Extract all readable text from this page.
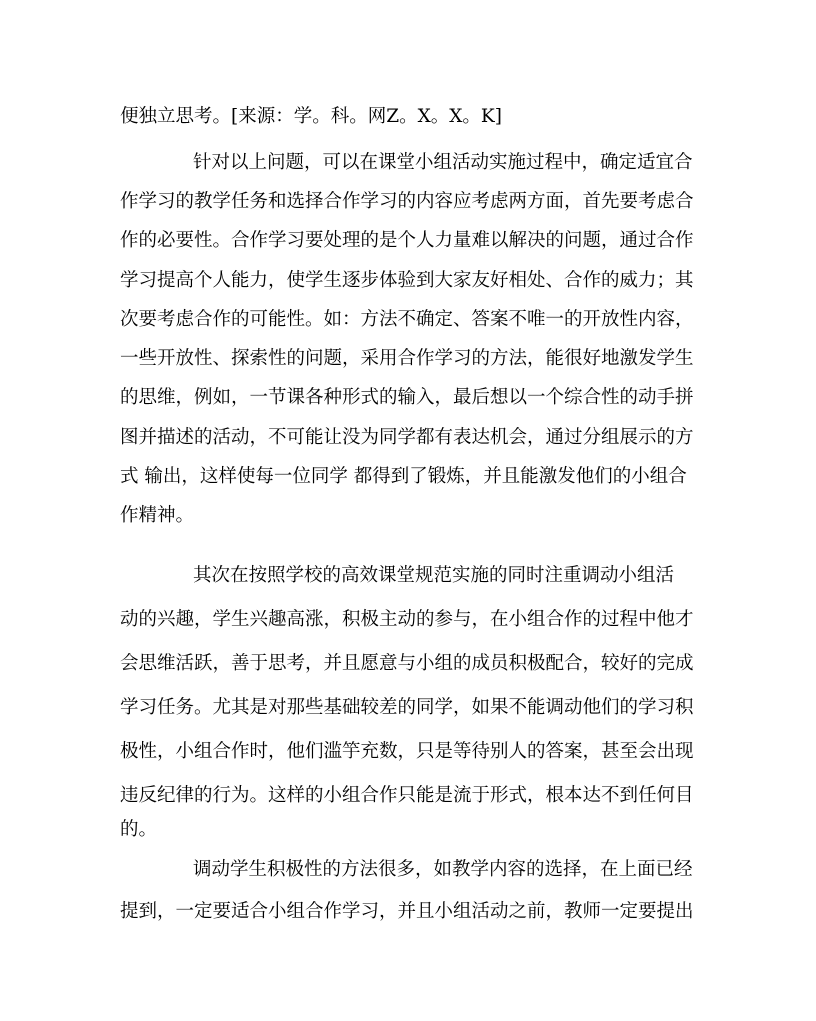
便独立思考。[来源：学。科。网Z。X。X。K]

针对以上问题，可以在课堂小组活动实施过程中，确定适宜合

作学习的教学任务和选择合作学习的内容应考虑两方面，首先要考虑合

作的必要性。合作学习要处理的是个人力量难以解决的问题，通过合作

学习提高个人能力，使学生逐步体验到大家友好相处、合作的威力；其

次要考虑合作的可能性。如：方法不确定、答案不唯一的开放性内容，

一些开放性、探索性的问题，采用合作学习的方法，能很好地激发学生

的思维，例如，一节课各种形式的输入，最后想以一个综合性的动手拼

图并描述的活动，不可能让没为同学都有表达机会，通过分组展示的方

式 输出，这样使每一位同学 都得到了锻炼，并且能激发他们的小组合

作精神。

其次在按照学校的高效课堂规范实施的同时注重调动小组活

动的兴趣，学生兴趣高涨，积极主动的参与，在小组合作的过程中他才

会思维活跃，善于思考，并且愿意与小组的成员积极配合，较好的完成

学习任务。尤其是对那些基础较差的同学，如果不能调动他们的学习积

极性，小组合作时，他们滥竽充数，只是等待别人的答案，甚至会出现

违反纪律的行为。这样的小组合作只能是流于形式，根本达不到任何目

的。

调动学生积极性的方法很多，如教学内容的选择，在上面已经

提到，一定要适合小组合作学习，并且小组活动之前，教师一定要提出
